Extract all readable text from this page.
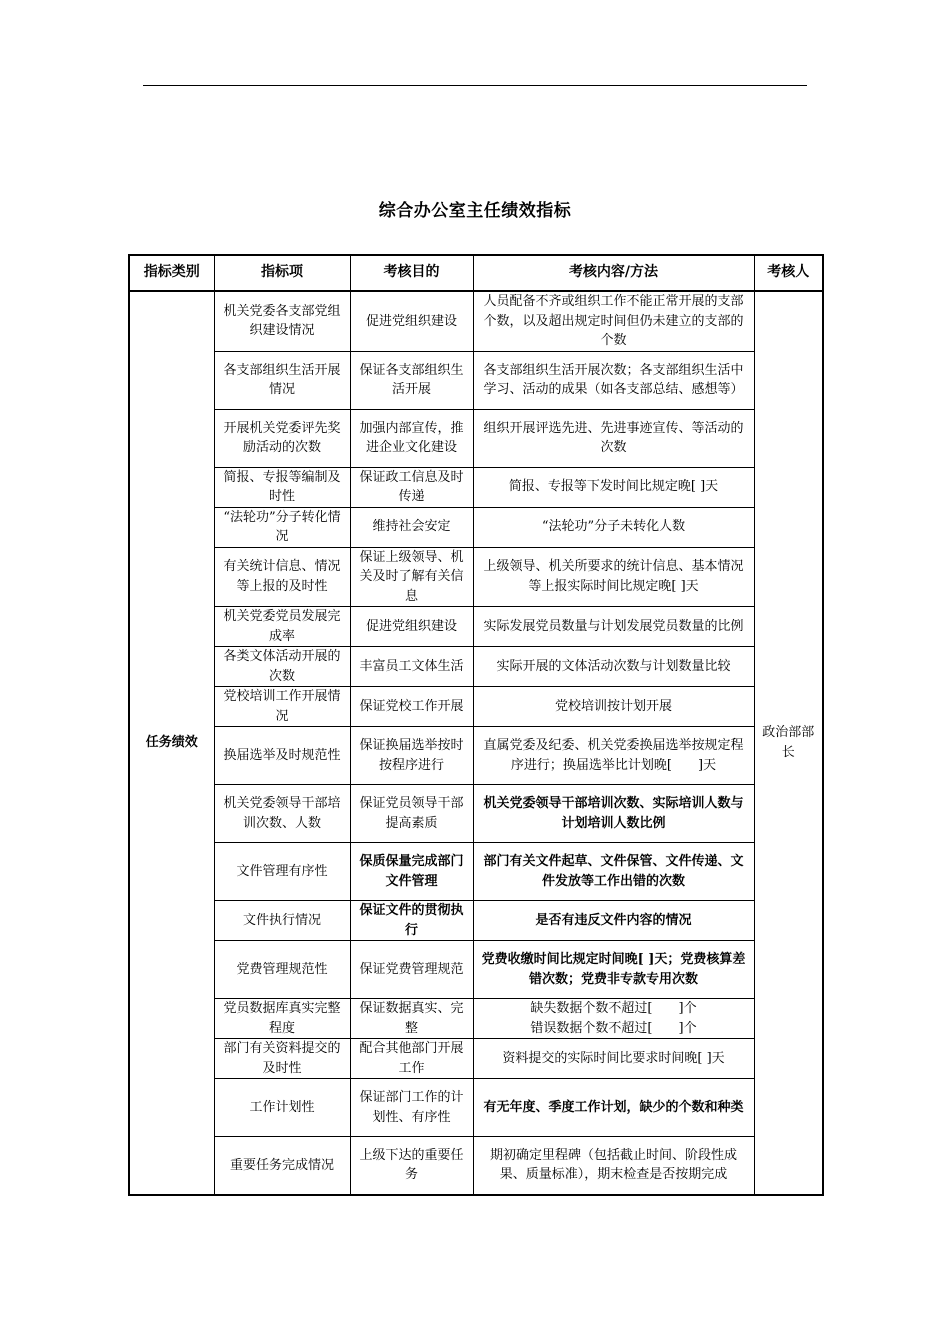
综合办公室主任绩效指标
指标类别	指标项	考核目的	考核内容/方法	考核人
任务绩效	机关党委各支部党组织建设情况	促进党组织建设	人员配备不齐或组织工作不能正常开展的支部个数，以及超出规定时间但仍未建立的支部的个数	政治部部长
	各支部组织生活开展情况	保证各支部组织生活开展	各支部组织生活开展次数；各支部组织生活中学习、活动的成果（如各支部总结、感想等）	
	开展机关党委评先奖励活动的次数	加强内部宣传，推进企业文化建设	组织开展评选先进、先进事迹宣传、等活动的次数	
	简报、专报等编制及时性	保证政工信息及时传递	简报、专报等下发时间比规定晚[ ]天	
	“法轮功”分子转化情况	维持社会安定	“法轮功”分子未转化人数	
	有关统计信息、情况等上报的及时性	保证上级领导、机关及时了解有关信息	上级领导、机关所要求的统计信息、基本情况等上报实际时间比规定晚[ ]天	
	机关党委党员发展完成率	促进党组织建设	实际发展党员数量与计划发展党员数量的比例	
	各类文体活动开展的次数	丰富员工文体生活	实际开展的文体活动次数与计划数量比较	
	党校培训工作开展情况	保证党校工作开展	党校培训按计划开展	
	换届选举及时规范性	保证换届选举按时按程序进行	直属党委及纪委、机关党委换届选举按规定程序进行；换届选举比计划晚[　　]天	
	机关党委领导干部培训次数、人数	保证党员领导干部提高素质	机关党委领导干部培训次数、实际培训人数与计划培训人数比例	
	文件管理有序性	保质保量完成部门文件管理	部门有关文件起草、文件保管、文件传递、文件发放等工作出错的次数	
	文件执行情况	保证文件的贯彻执行	是否有违反文件内容的情况	
	党费管理规范性	保证党费管理规范	党费收缴时间比规定时间晚[ ]天；党费核算差错次数；党费非专款专用次数	
	党员数据库真实完整程度	保证数据真实、完整	缺失数据个数不超过[　　]个
错误数据个数不超过[　　]个	

	部门有关资料提交的及时性	配合其他部门开展工作	资料提交的实际时间比要求时间晚[ ]天	
	工作计划性	保证部门工作的计划性、有序性	有无年度、季度工作计划，缺少的个数和种类	
	重要任务完成情况	上级下达的重要任务	期初确定里程碑（包括截止时间、阶段性成果、质量标准），期末检查是否按期完成	
